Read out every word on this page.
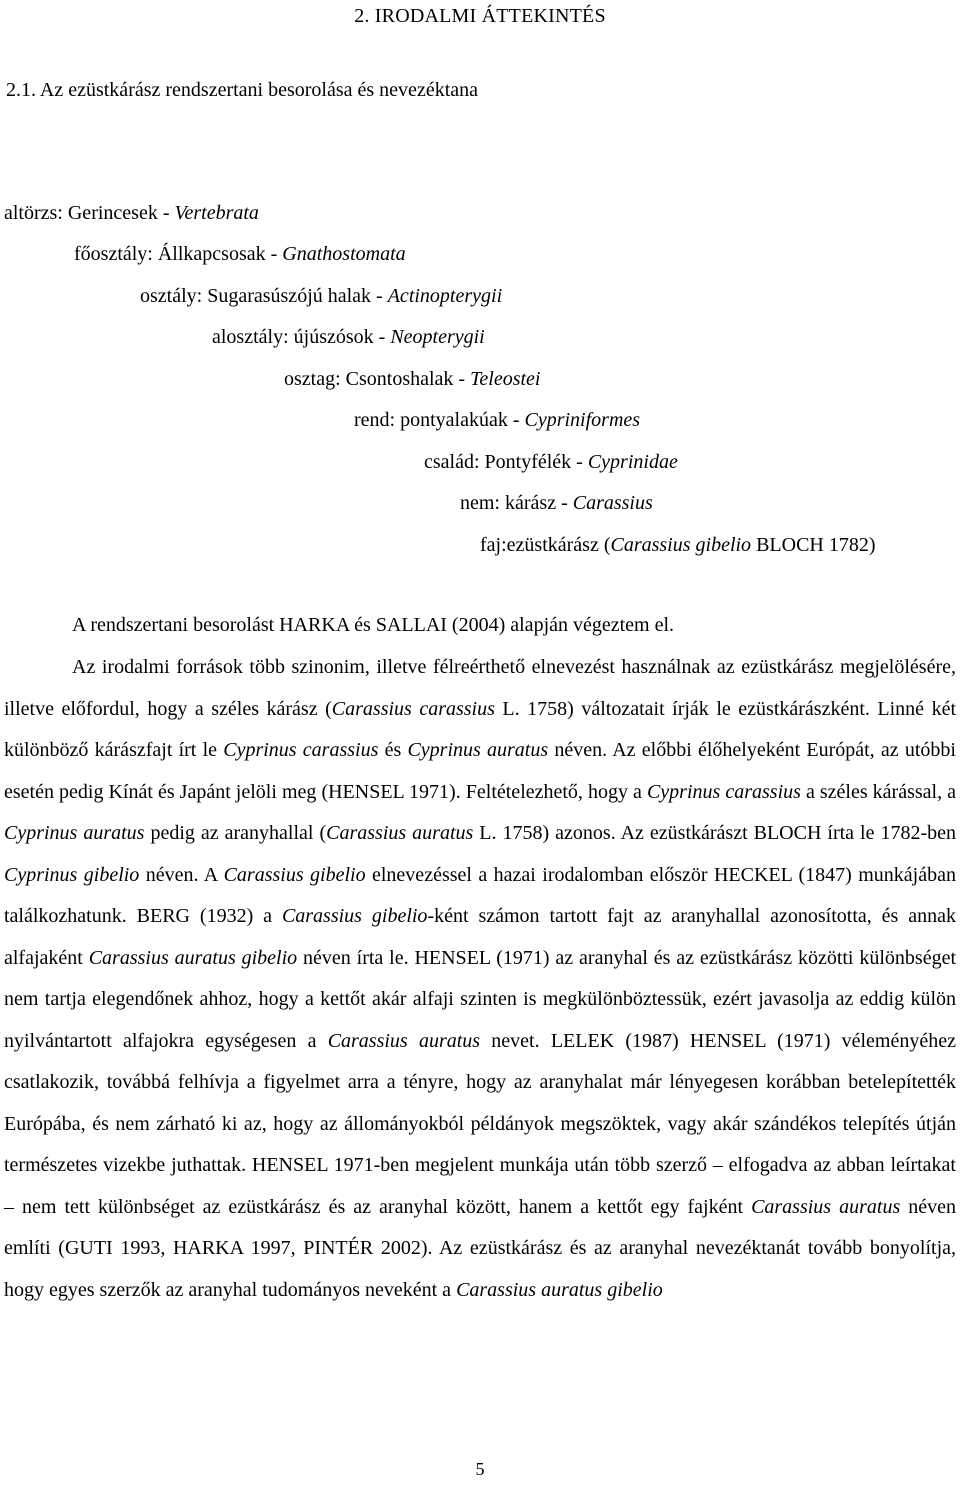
2. IRODALMI ÁTTEKINTÉS
2.1. Az ezüstkárász rendszertani besorolása és nevezéktana
altörzs: Gerincesek - Vertebrata
főosztály: Állkapcsosak - Gnathostomata
osztály: Sugarasúszójú halak - Actinopterygii
alosztály: újúszósok - Neopterygii
osztag: Csontoshalak - Teleostei
rend: pontyalakúak - Cypriniformes
család: Pontyfélék - Cyprinidae
nem: kárász - Carassius
faj:ezüstkárász (Carassius gibelio BLOCH 1782)
A rendszertani besorolást HARKA és SALLAI (2004) alapján végeztem el.

Az irodalmi források több szinonim, illetve félreérthető elnevezést használnak az ezüstkárász megjelölésére, illetve előfordul, hogy a széles kárász (Carassius carassius L. 1758) változatait írják le ezüstkárászként. Linné két különböző kárászfajt írt le Cyprinus carassius és Cyprinus auratus néven. Az előbbi élőhelyeként Európát, az utóbbi esetén pedig Kínát és Japánt jelöli meg (HENSEL 1971). Feltételezhető, hogy a Cyprinus carassius a széles kárással, a Cyprinus auratus pedig az aranyhallal (Carassius auratus L. 1758) azonos. Az ezüstkárászt BLOCH írta le 1782-ben Cyprinus gibelio néven. A Carassius gibelio elnevezéssel a hazai irodalomban először HECKEL (1847) munkájában találkozhatunk. BERG (1932) a Carassius gibelio-ként számon tartott fajt az aranyhallal azonosította, és annak alfajaként Carassius auratus gibelio néven írta le. HENSEL (1971) az aranyhal és az ezüstkárász közötti különbséget nem tartja elegendőnek ahhoz, hogy a kettőt akár alfaji szinten is megkülönböztessük, ezért javasolja az eddig külön nyilvántartott alfajokra egységesen a Carassius auratus nevet. LELEK (1987) HENSEL (1971) véleményéhez csatlakozik, továbbá felhívja a figyelmet arra a tényre, hogy az aranyhalat már lényegesen korábban betelepítették Európába, és nem zárható ki az, hogy az állományokból példányok megszöktek, vagy akár szándékos telepítés útján természetes vizekbe juthattak. HENSEL 1971-ben megjelent munkája után több szerző – elfogadva az abban leírtakat – nem tett különbséget az ezüstkárász és az aranyhal között, hanem a kettőt egy fajként Carassius auratus néven említi (GUTI 1993, HARKA 1997, PINTÉR 2002). Az ezüstkárász és az aranyhal nevezéktanát tovább bonyolítja, hogy egyes szerzők az aranyhal tudományos neveként a Carassius auratus gibelio

5
